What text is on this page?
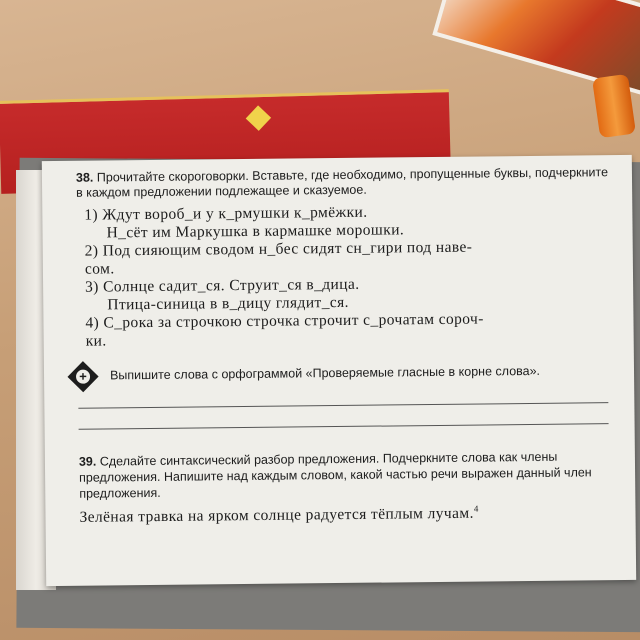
38. Прочитайте скороговорки. Вставьте, где необходимо, пропущенные буквы, подчеркните в каждом предложении подлежащее и сказуемое.
1) Ждут вороб_и у к_рмушки к_рмёжки.
Н_сёт им Маркушка в кармашке морошки.
2) Под сияющим сводом н_бес сидят сн_гири под наве-
сом.
3) Солнце садит_ся. Струит_ся в_дица.
Птица-синица в в_дицу глядит_ся.
4) С_рока за строчкою строчка строчит с_рочатам сороч-
ки.
+ Выпишите слова с орфограммой «Проверяемые гласные в корне слова».
39. Сделайте синтаксический разбор предложения. Подчеркните слова как члены предложения. Напишите над каждым словом, какой частью речи выражен данный член предложения.
Зелёная травка на ярком солнце радуется тёплым лучам.$^4$
